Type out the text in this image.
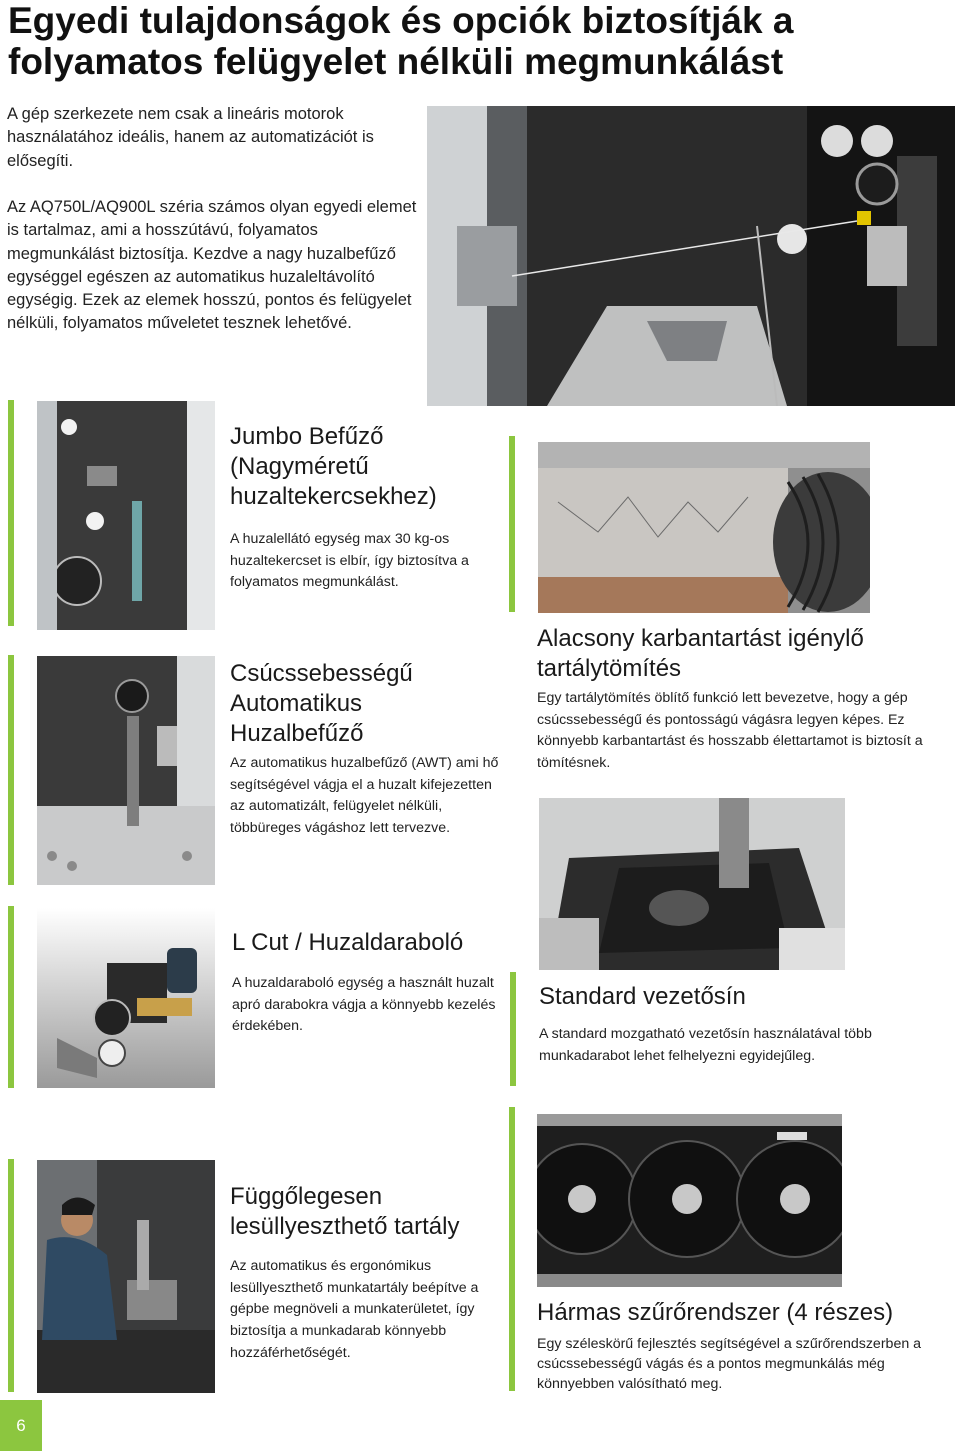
Egyedi tulajdonságok és opciók biztosítják a folyamatos felügyelet nélküli megmunkálást

A gép szerkezete nem csak a lineáris motorok használatához ideális, hanem az automatizációt is elősegíti.

Az AQ750L/AQ900L széria számos olyan egyedi elemet is tartalmaz, ami a hosszútávú, folyamatos megmunkálást biztosítja. Kezdve a nagy huzalbefűző egységgel egészen az automatikus huzaleltávolító egységig. Ezek az elemek hosszú, pontos és felügyelet nélküli, folyamatos műveletet tesznek lehetővé.

Jumbo Befűző (Nagyméretű huzaltekercsekhez)

A huzalellátó egység max 30 kg-os huzaltekercset is elbír, így biztosítva a folyamatos megmunkálást.

Csúcssebességű Automatikus Huzalbefűző

Az automatikus huzalbefűző (AWT) ami hő segítségével vágja el a huzalt kifejezetten az automatizált, felügyelet nélküli, többüreges vágáshoz lett tervezve.

Alacsony karbantartást igénylő tartálytömítés

Egy tartálytömítés öblítő funkció lett bevezetve, hogy a gép csúcssebességű és pontosságú vágásra legyen képes. Ez könnyebb karbantartást és hosszabb élettartamot is biztosít a tömítésnek.

L Cut / Huzaldaraboló

A huzaldaraboló egység a használt huzalt apró darabokra vágja a könnyebb kezelés érdekében.

Standard vezetősín

A standard mozgatható vezetősín használatával több munkadarabot lehet felhelyezni egyidejűleg.

Függőlegesen lesüllyeszthető tartály

Az automatikus és ergonómikus lesüllyeszthető munkatartály beépítve a gépbe megnöveli a munkaterületet, így biztosítja a munkadarab könnyebb hozzáférhetőségét.

Hármas szűrőrendszer (4 részes)

Egy széleskörű fejlesztés segítségével a szűrőrendszerben a csúcssebességű vágás és a pontos megmunkálás még könnyebben valósítható meg.

6
